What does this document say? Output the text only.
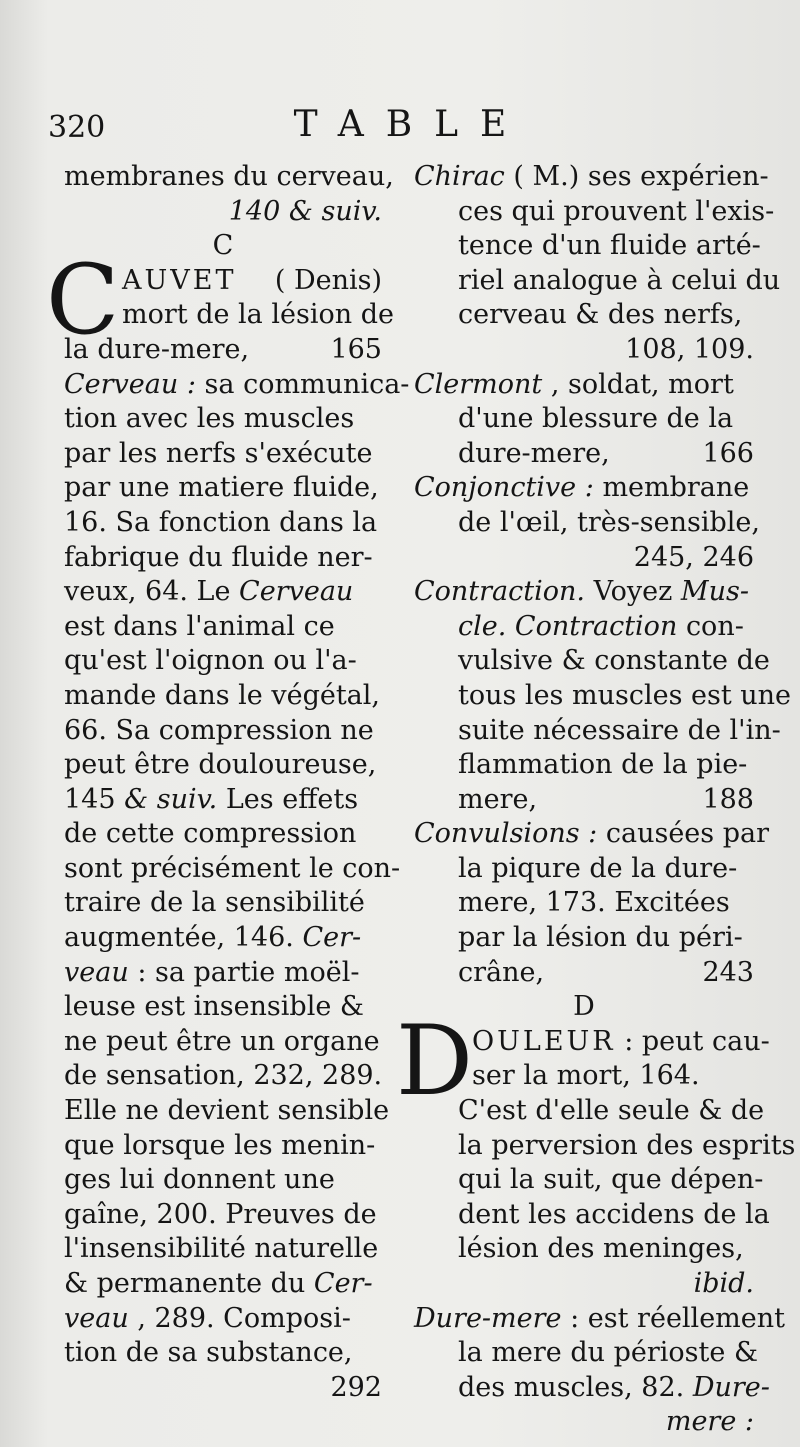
320	TABLE
membranes du cerveau,
140 & suiv.
C
C AUVET ( Denis)
mort de la lésion de
la dure-mere,	165
Cerveau : sa communica-
tion avec les muscles
par les nerfs s'exécute
par une matiere fluide,
16. Sa fonction dans la
fabrique du fluide ner-
veux, 64. Le Cerveau
est dans l'animal ce
qu'est l'oignon ou l'a-
mande dans le végétal,
66. Sa compression ne
peut être douloureuse,
145 & suiv. Les effets
de cette compression
sont précisément le con-
traire de la sensibilité
augmentée, 146. Cer-
veau : sa partie moël-
leuse est insensible &
ne peut être un organe
de sensation, 232, 289.
Elle ne devient sensible
que lorsque les menin-
ges lui donnent une
gaîne, 200. Preuves de
l'insensibilité naturelle
& permanente du Cer-
veau , 289. Composi-
tion de sa substance,
292
Chirac ( M.) ses expérien-
ces qui prouvent l'exis-
tence d'un fluide arté-
riel analogue à celui du
cerveau & des nerfs,
108, 109.
Clermont , soldat, mort
d'une blessure de la
dure-mere,	166
Conjonctive : membrane
de l'œil, très-sensible,
245, 246
Contraction. Voyez Mus-
cle. Contraction con-
vulsive & constante de
tous les muscles est une
suite nécessaire de l'in-
flammation de la pie-
mere,	188
Convulsions : causées par
la piqure de la dure-
mere, 173. Excitées
par la lésion du péri-
crâne,	243
D
D OULEUR : peut cau-
ser la mort, 164.
C'est d'elle seule & de
la perversion des esprits
qui la suit, que dépen-
dent les accidens de la
lésion des meninges,
ibid.
Dure-mere : est réellement
la mere du périoste &
des muscles, 82. Dure-
mere :
